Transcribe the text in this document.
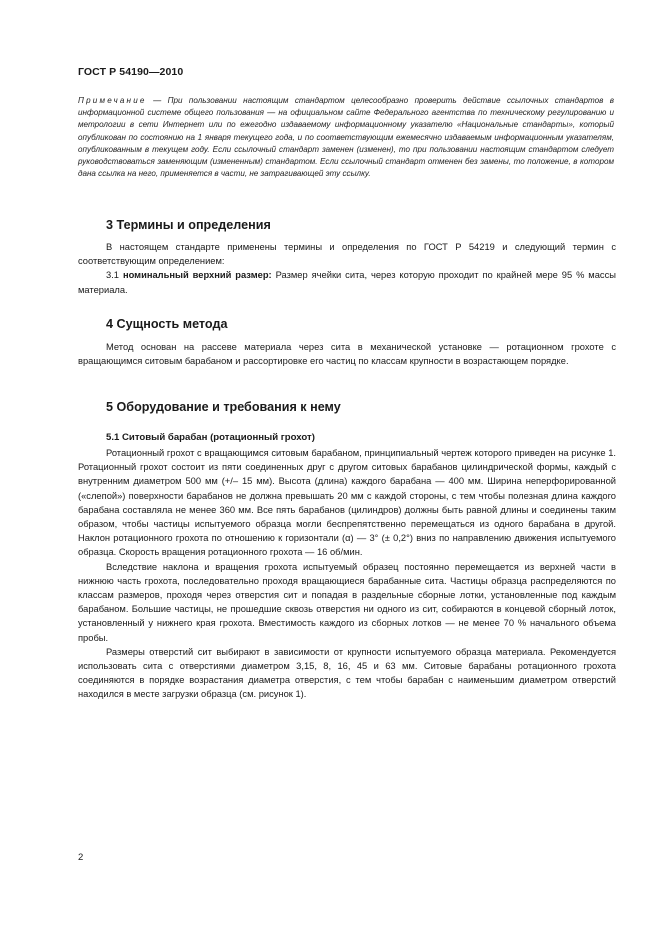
ГОСТ Р 54190—2010
Примечание — При пользовании настоящим стандартом целесообразно проверить действие ссылочных стандартов в информационной системе общего пользования — на официальном сайте Федерального агентства по техническому регулированию и метрологии в сети Интернет или по ежегодно издаваемому информационному указателю «Национальные стандарты», который опубликован по состоянию на 1 января текущего года, и по соответствующим ежемесячно издаваемым информационным указателям, опубликованным в текущем году. Если ссылочный стандарт заменен (изменен), то при пользовании настоящим стандартом следует руководствоваться заменяющим (измененным) стандартом. Если ссылочный стандарт отменен без замены, то положение, в котором дана ссылка на него, применяется в части, не затрагивающей эту ссылку.
3 Термины и определения

В настоящем стандарте применены термины и определения по ГОСТ Р 54219 и следующий термин с соответствующим определением:

3.1 номинальный верхний размер: Размер ячейки сита, через которую проходит по крайней мере 95 % массы материала.

4 Сущность метода

Метод основан на рассеве материала через сита в механической установке — ротационном грохоте с вращающимся ситовым барабаном и рассортировке его частиц по классам крупности в возрастающем порядке.

5 Оборудование и требования к нему
5.1 Ситовый барабан (ротационный грохот)

Ротационный грохот с вращающимся ситовым барабаном, принципиальный чертеж которого приведен на рисунке 1. Ротационный грохот состоит из пяти соединенных друг с другом ситовых барабанов цилиндрической формы, каждый с внутренним диаметром 500 мм (+/– 15 мм). Высота (длина) каждого барабана — 400 мм. Ширина неперфорированной («слепой») поверхности барабанов не должна превышать 20 мм с каждой стороны, с тем чтобы полезная длина каждого барабана составляла не менее 360 мм. Все пять барабанов (цилиндров) должны быть равной длины и соединены таким образом, чтобы частицы испытуемого образца могли беспрепятственно перемещаться из одного барабана в другой. Наклон ротационного грохота по отношению к горизонтали (α) — 3° (± 0,2°) вниз по направлению движения испытуемого образца. Скорость вращения ротационного грохота — 16 об/мин.

Вследствие наклона и вращения грохота испытуемый образец постоянно перемещается из верхней части в нижнюю часть грохота, последовательно проходя вращающиеся барабанные сита. Частицы образца распределяются по классам размеров, проходя через отверстия сит и попадая в раздельные сборные лотки, установленные под каждым барабаном. Большие частицы, не прошедшие сквозь отверстия ни одного из сит, собираются в концевой сборный лоток, установленный у нижнего края грохота. Вместимость каждого из сборных лотков — не менее 70 % начального объема пробы.

Размеры отверстий сит выбирают в зависимости от крупности испытуемого образца материала. Рекомендуется использовать сита с отверстиями диаметром 3,15, 8, 16, 45 и 63 мм. Ситовые барабаны ротационного грохота соединяются в порядке возрастания диаметра отверстия, с тем чтобы барабан с наименьшим диаметром отверстий находился в месте загрузки образца (см. рисунок 1).

2
